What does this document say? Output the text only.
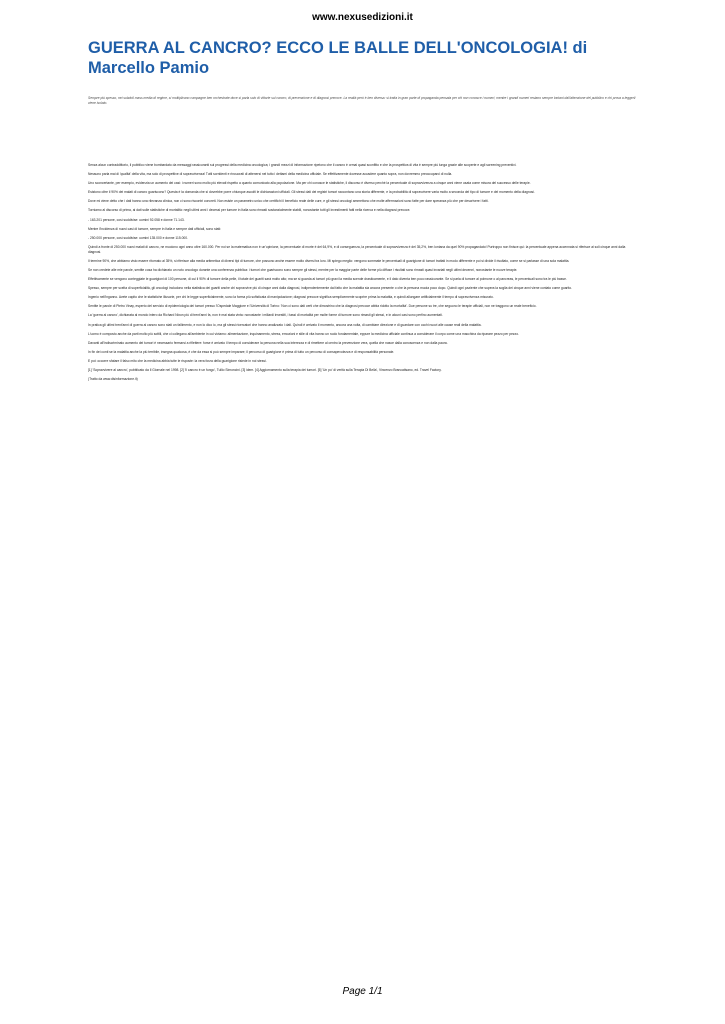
www.nexusedizioni.it
GUERRA AL CANCRO? ECCO LE BALLE DELL'ONCOLOGIA! di Marcello Pamio
Sempre più spesso, nei subdoli mass media di regime, si moltiplicano campagne ben orchestrate dove si parla solo di vittorie sul cancro, di prevenzione e di diagnosi precoce. La realtà però è ben diversa: si tratta in gran parte di propaganda pensata per chi non conosce i numeri, mentre i grandi numeri restano sempre lontani dall'attenzione del pubblico e chi prova a leggerli viene isolato.

Senza alcun contraddittorio, il pubblico viene bombardato da messaggi rassicuranti sui progressi della medicina oncologica; i grandi mezzi di informazione ripetono che il cancro è ormai quasi sconfitto e che la prospettiva di vita è sempre più lunga grazie alle scoperte e agli screening preventivi.

Nessuno parla mai di 'qualità' della vita, ma solo di prospettive di sopravvivenza! Tutti sorridenti e rincuorati di attenersi nel tutto i dettami della medicina ufficiale. Se effettivamente dovesse accadere quanto sopra, non dovremmo preoccuparci di nulla.

Uno sconcertante, per esempio, evidenzia un aumento dei casi: i numeri sono molto più elevati rispetto a quanto comunicato alla popolazione. Ma per chi conosce le statistiche, il discorso è diverso perché la percentuale di sopravvivenza a cinque anni viene usata come misura del successo delle terapie.

Esistono oltre il 90% dei malati di cancro guariscono? Questa è la domanda che si dovrebbe porre chiunque ascolti le dichiarazioni ufficiali. Gli stessi dati dei registri tumori raccontano una storia differente, e la probabilità di sopravvivere varia molto a seconda del tipo di tumore e del momento della diagnosi.

Dove mi viene detto che i dati hanno una rilevanza clinica, non ci sono riscontri concreti. Non esiste un parametro unico che certifichi il beneficio reale delle cure, e gli stessi oncologi ammettono che molte affermazioni sono fatte per dare speranza più che per descrivere i fatti.

Torniamo al discorso di prima, ai dati sulle statistiche di mortalità: negli ultimi anni i decessi per tumore in Italia sono rimasti sostanzialmente stabili, nonostante tutti gli investimenti fatti nella ricerca e nella diagnosi precoce.

- 163.201 persone, così suddivise: uomini 92.058 e donne 71.143.

Mentre l'incidenza di nuovi casi di tumore, sempre in Italia e sempre dati ufficiali, sono stati:

- 250.000 persone, così suddivise: uomini 135.000 e donne 115.000.

Quindi a fronte di 250.000 nuovi malati di cancro, ne muoiono ogni anno oltre 160.000. Per noi se la matematica non è un'opinione, la percentuale di morte è del 64,9%, e di conseguenza, la percentuale di sopravvivenza è del 35,2%, ben lontana da quel 90% propagandato! Purtroppo non finisce qui: la percentuale appena accennata si riferisce ai soli cinque anni dalla diagnosi.

Il termine 90%, che abbiamo visto essere ritornato al 35%, si riferisce alla media aritmetica di diversi tipi di tumore, che possono anche essere molto diversi tra loro. Mi spiego meglio: vengono sommate le percentuali di guarigione di tumori trattati in modo differente e poi si divide il risultato, come se si parlasse di una sola malattia.

Se non credete alle mie parole, sentite cosa ha dichiarato un noto oncologo durante una conferenza pubblica: i tumori che guariscono sono sempre gli stessi, mentre per la maggior parte delle forme più diffuse i risultati sono rimasti quasi invariati negli ultimi decenni, nonostante le nuove terapie.

Effettivamente se vengono conteggiate le guarigioni di 100 persone, di cui il 90% di tumore della pelle, il totale dei guariti sarà molto alto; ma se si guarda ai tumori più gravi la media scende drasticamente, e il dato diventa ben poco rassicurante. Se si parla di tumore al polmone o al pancreas, le percentuali sono tra le più basse.

Spesso, sempre per scelta di superficialità, gli oncologi includono nella statistica dei guariti anche chi sopravvive più di cinque anni dalla diagnosi, indipendentemente dal fatto che la malattia sia ancora presente o che la persona muoia poco dopo. Quindi ogni paziente che supera la soglia dei cinque anni viene contato come guarito.

Ingenio nell'inganno. Avete capito che le statistiche illusorie, per chi le legge superficialmente, sono la forma più sofisticata di manipolazione; diagnosi precoce significa semplicemente scoprire prima la malattia, e quindi allungare artificialmente il tempo di sopravvivenza misurato.

Sentite le parole di Pietro Vinay, esperto del servizio di epidemiologia dei tumori presso l'Ospedale Maggiore e l'Università di Torino: 'Non ci sono dati certi che dimostrino che la diagnosi precoce abbia ridotto la mortalità'. Due persone su tre, che seguono le terapie ufficiali, non ne traggono un reale beneficio.

La 'guerra al cancro', dichiarata al mondo intero da Richard Nixon più di trent'anni fa, non è mai stata vinta: nonostante i miliardi investiti, i tassi di mortalità per molte forme di tumore sono rimasti gli stessi, e in alcuni casi sono perfino aumentati.

In pratica gli ultimi trent'anni di guerra al cancro sono stati un fallimento, e non lo dico io, ma gli stessi ricercatori che hanno analizzato i dati. Quindi è arrivato il momento, ancora una volta, di cambiare direzione e di guardare con occhi nuovi alle cause reali della malattia.

L'uomo è composto anche da parti molto più sottili, che ci collegano all'ambiente in cui viviamo: alimentazione, inquinamento, stress, emozioni e stile di vita hanno un ruolo fondamentale, eppure la medicina ufficiale continua a considerare il corpo come una macchina da riparare pezzo per pezzo.

Davanti all'indiscriminato aumento dei tumori è necessario fermarsi a riflettere: forse è arrivato il tempo di considerare la persona nella sua interezza e di rimettere al centro la prevenzione vera, quella che nasce dalla conoscenza e non dalla paura.

In fin dei conti se la malattia anche la più terribile, insegna qualcosa, è che da essa si può sempre imparare; il percorso di guarigione è prima di tutto un percorso di consapevolezza e di responsabilità personale.

E poi: occorre sfatare il falso mito che la medicina abbia tutte le risposte: la vera forza della guarigione risiede in noi stessi.

[1] 'Sopravvivere al cancro', pubblicato da Il Giornale nel 1998. [2] 'Il cancro è un fungo', Tullio Simoncini. [3] idem. [4] Aggiornamento sulla terapia dei tumori. [5] 'Un po' di verità sulla Terapia Di Bella', Vincenzo Brancatisano, ed. Travel Factory.

(Tratto da www.disinformazione.it)

Page 1/1
